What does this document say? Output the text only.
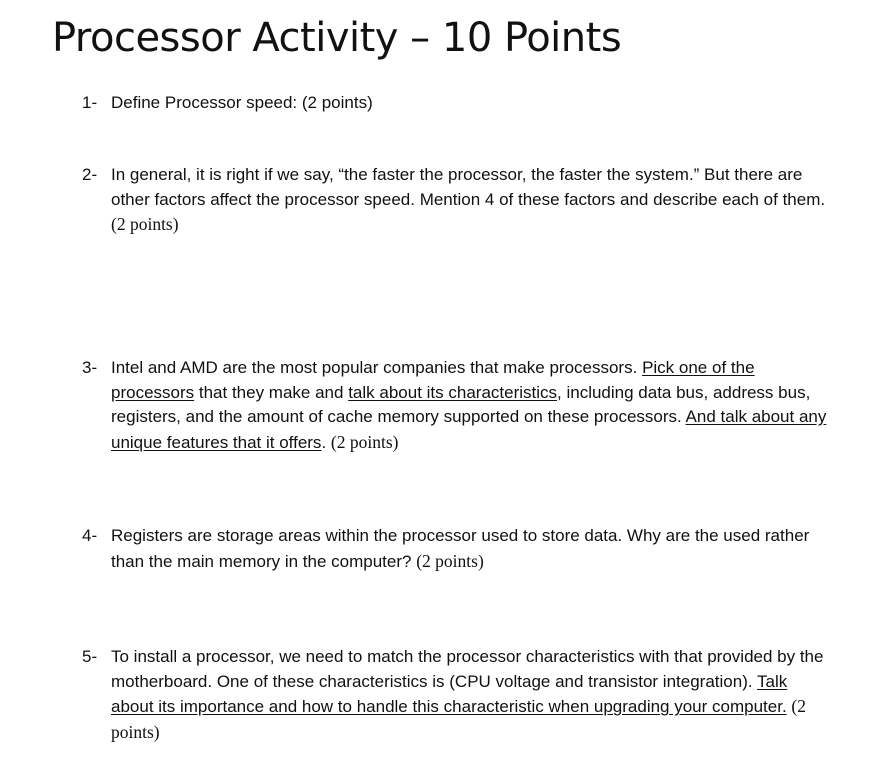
Processor Activity – 10 Points
1- Define Processor speed: (2 points)
2- In general, it is right if we say, “the faster the processor, the faster the system.” But there are other factors affect the processor speed. Mention 4 of these factors and describe each of them. (2 points)
3- Intel and AMD are the most popular companies that make processors. Pick one of the processors that they make and talk about its characteristics, including data bus, address bus, registers, and the amount of cache memory supported on these processors. And talk about any unique features that it offers. (2 points)
4- Registers are storage areas within the processor used to store data. Why are the used rather than the main memory in the computer? (2 points)
5- To install a processor, we need to match the processor characteristics with that provided by the motherboard. One of these characteristics is (CPU voltage and transistor integration). Talk about its importance and how to handle this characteristic when upgrading your computer. (2 points)
